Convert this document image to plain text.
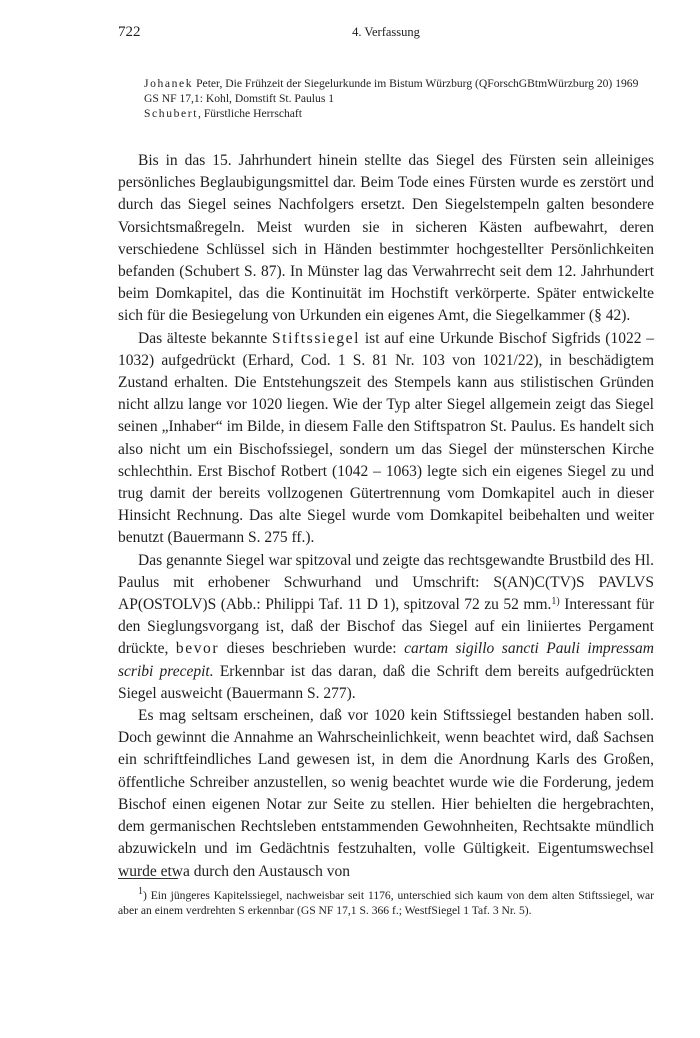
722	4. Verfassung
Johanek Peter, Die Frühzeit der Siegelurkunde im Bistum Würzburg (QForschGBtmWürzburg 20) 1969
GS NF 17,1: Kohl, Domstift St. Paulus 1
Schubert, Fürstliche Herrschaft

Bis in das 15. Jahrhundert hinein stellte das Siegel des Fürsten sein alleiniges persönliches Beglaubigungsmittel dar. Beim Tode eines Fürsten wurde es zerstört und durch das Siegel seines Nachfolgers ersetzt. Den Siegelstempeln galten besondere Vorsichtsmaßregeln. Meist wurden sie in sicheren Kästen aufbewahrt, deren verschiedene Schlüssel sich in Händen bestimmter hochgestellter Persönlichkeiten befanden (Schubert S. 87). In Münster lag das Verwahrrecht seit dem 12. Jahrhundert beim Domkapitel, das die Kontinuität im Hochstift verkörperte. Später entwickelte sich für die Besiegelung von Urkunden ein eigenes Amt, die Siegelkammer (§ 42).

Das älteste bekannte Stiftssiegel ist auf eine Urkunde Bischof Sigfrids (1022 – 1032) aufgedrückt (Erhard, Cod. 1 S. 81 Nr. 103 von 1021/22), in beschädigtem Zustand erhalten. Die Entstehungszeit des Stempels kann aus stilistischen Gründen nicht allzu lange vor 1020 liegen. Wie der Typ alter Siegel allgemein zeigt das Siegel seinen „Inhaber“ im Bilde, in diesem Falle den Stiftspatron St. Paulus. Es handelt sich also nicht um ein Bischofssiegel, sondern um das Siegel der münsterschen Kirche schlechthin. Erst Bischof Rotbert (1042 – 1063) legte sich ein eigenes Siegel zu und trug damit der bereits vollzogenen Gütertrennung vom Domkapitel auch in dieser Hinsicht Rechnung. Das alte Siegel wurde vom Domkapitel beibehalten und weiter benutzt (Bauermann S. 275 ff.).

Das genannte Siegel war spitzoval und zeigte das rechtsgewandte Brustbild des Hl. Paulus mit erhobener Schwurhand und Umschrift: S(AN)C(TV)S PAVLVS AP(OSTOLV)S (Abb.: Philippi Taf. 11 D 1), spitzoval 72 zu 52 mm.$^{1)}$ Interessant für den Sieglungsvorgang ist, daß der Bischof das Siegel auf ein liniiertes Pergament drückte, bevor dieses beschrieben wurde: cartam sigillo sancti Pauli impressam scribi precepit. Erkennbar ist das daran, daß die Schrift dem bereits aufgedrückten Siegel ausweicht (Bauermann S. 277).

Es mag seltsam erscheinen, daß vor 1020 kein Stiftssiegel bestanden haben soll. Doch gewinnt die Annahme an Wahrscheinlichkeit, wenn beachtet wird, daß Sachsen ein schriftfeindliches Land gewesen ist, in dem die Anordnung Karls des Großen, öffentliche Schreiber anzustellen, so wenig beachtet wurde wie die Forderung, jedem Bischof einen eigenen Notar zur Seite zu stellen. Hier behielten die hergebrachten, dem germanischen Rechtsleben entstammenden Gewohnheiten, Rechtsakte mündlich abzuwickeln und im Gedächtnis festzuhalten, volle Gültigkeit. Eigentumswechsel wurde etwa durch den Austausch von

$^1$) Ein jüngeres Kapitelssiegel, nachweisbar seit 1176, unterschied sich kaum von dem alten Stiftssiegel, war aber an einem verdrehten S erkennbar (GS NF 17,1 S. 366 f.; WestfSiegel 1 Taf. 3 Nr. 5).
